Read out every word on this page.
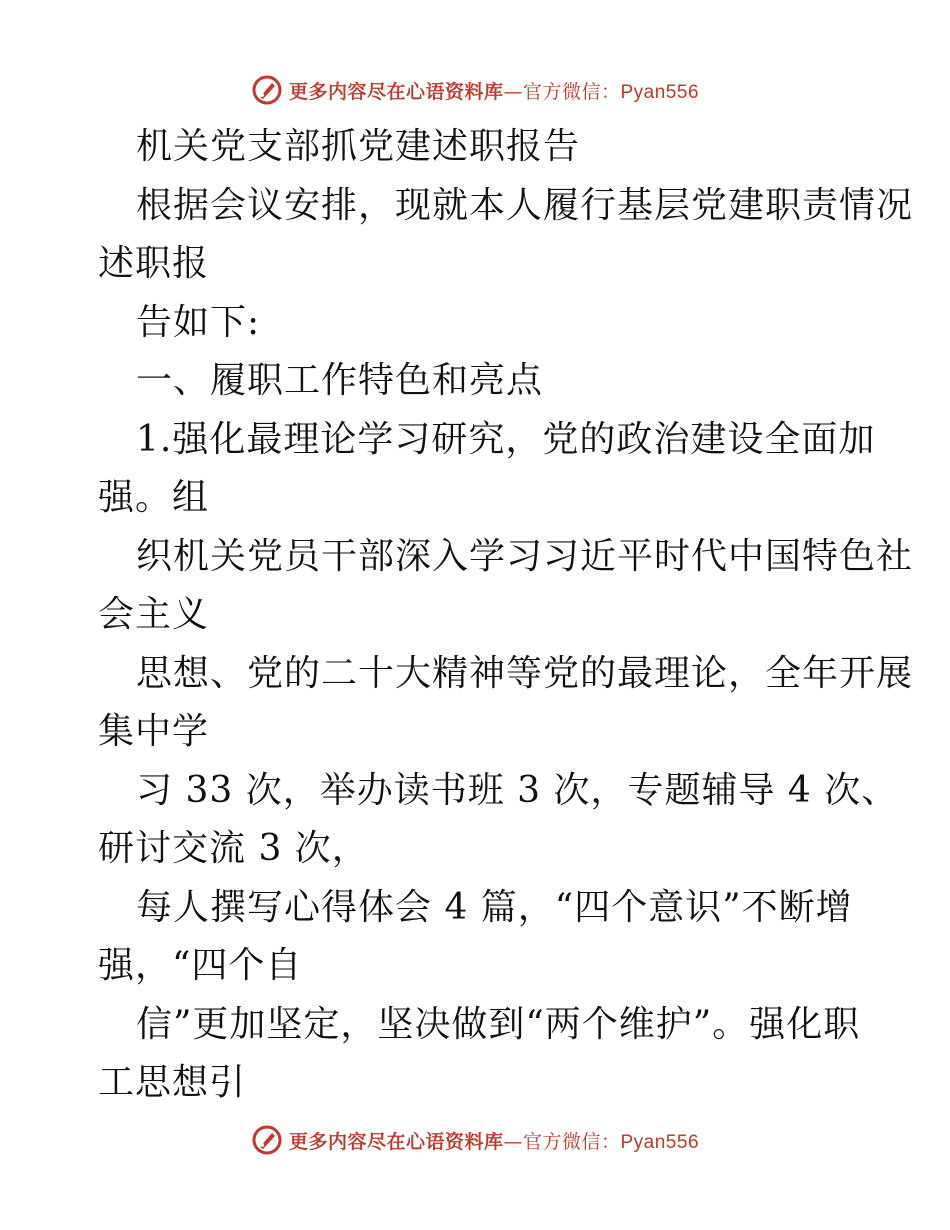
更多内容尽在心语资料库—官方微信：Pyan556
机关党支部抓党建述职报告
根据会议安排，现就本人履行基层党建职责情况
述职报
告如下:
一、履职工作特色和亮点
1.强化最理论学习研究，党的政治建设全面加
强。组
织机关党员干部深入学习习近平时代中国特色社
会主义
思想、党的二十大精神等党的最理论，全年开展
集中学
习 33 次，举办读书班 3 次，专题辅导 4 次、
研讨交流 3 次，
每人撰写心得体会 4 篇，“四个意识”不断增
强，“四个自
信”更加坚定，坚决做到“两个维护”。强化职
工思想引
更多内容尽在心语资料库—官方微信：Pyan556
